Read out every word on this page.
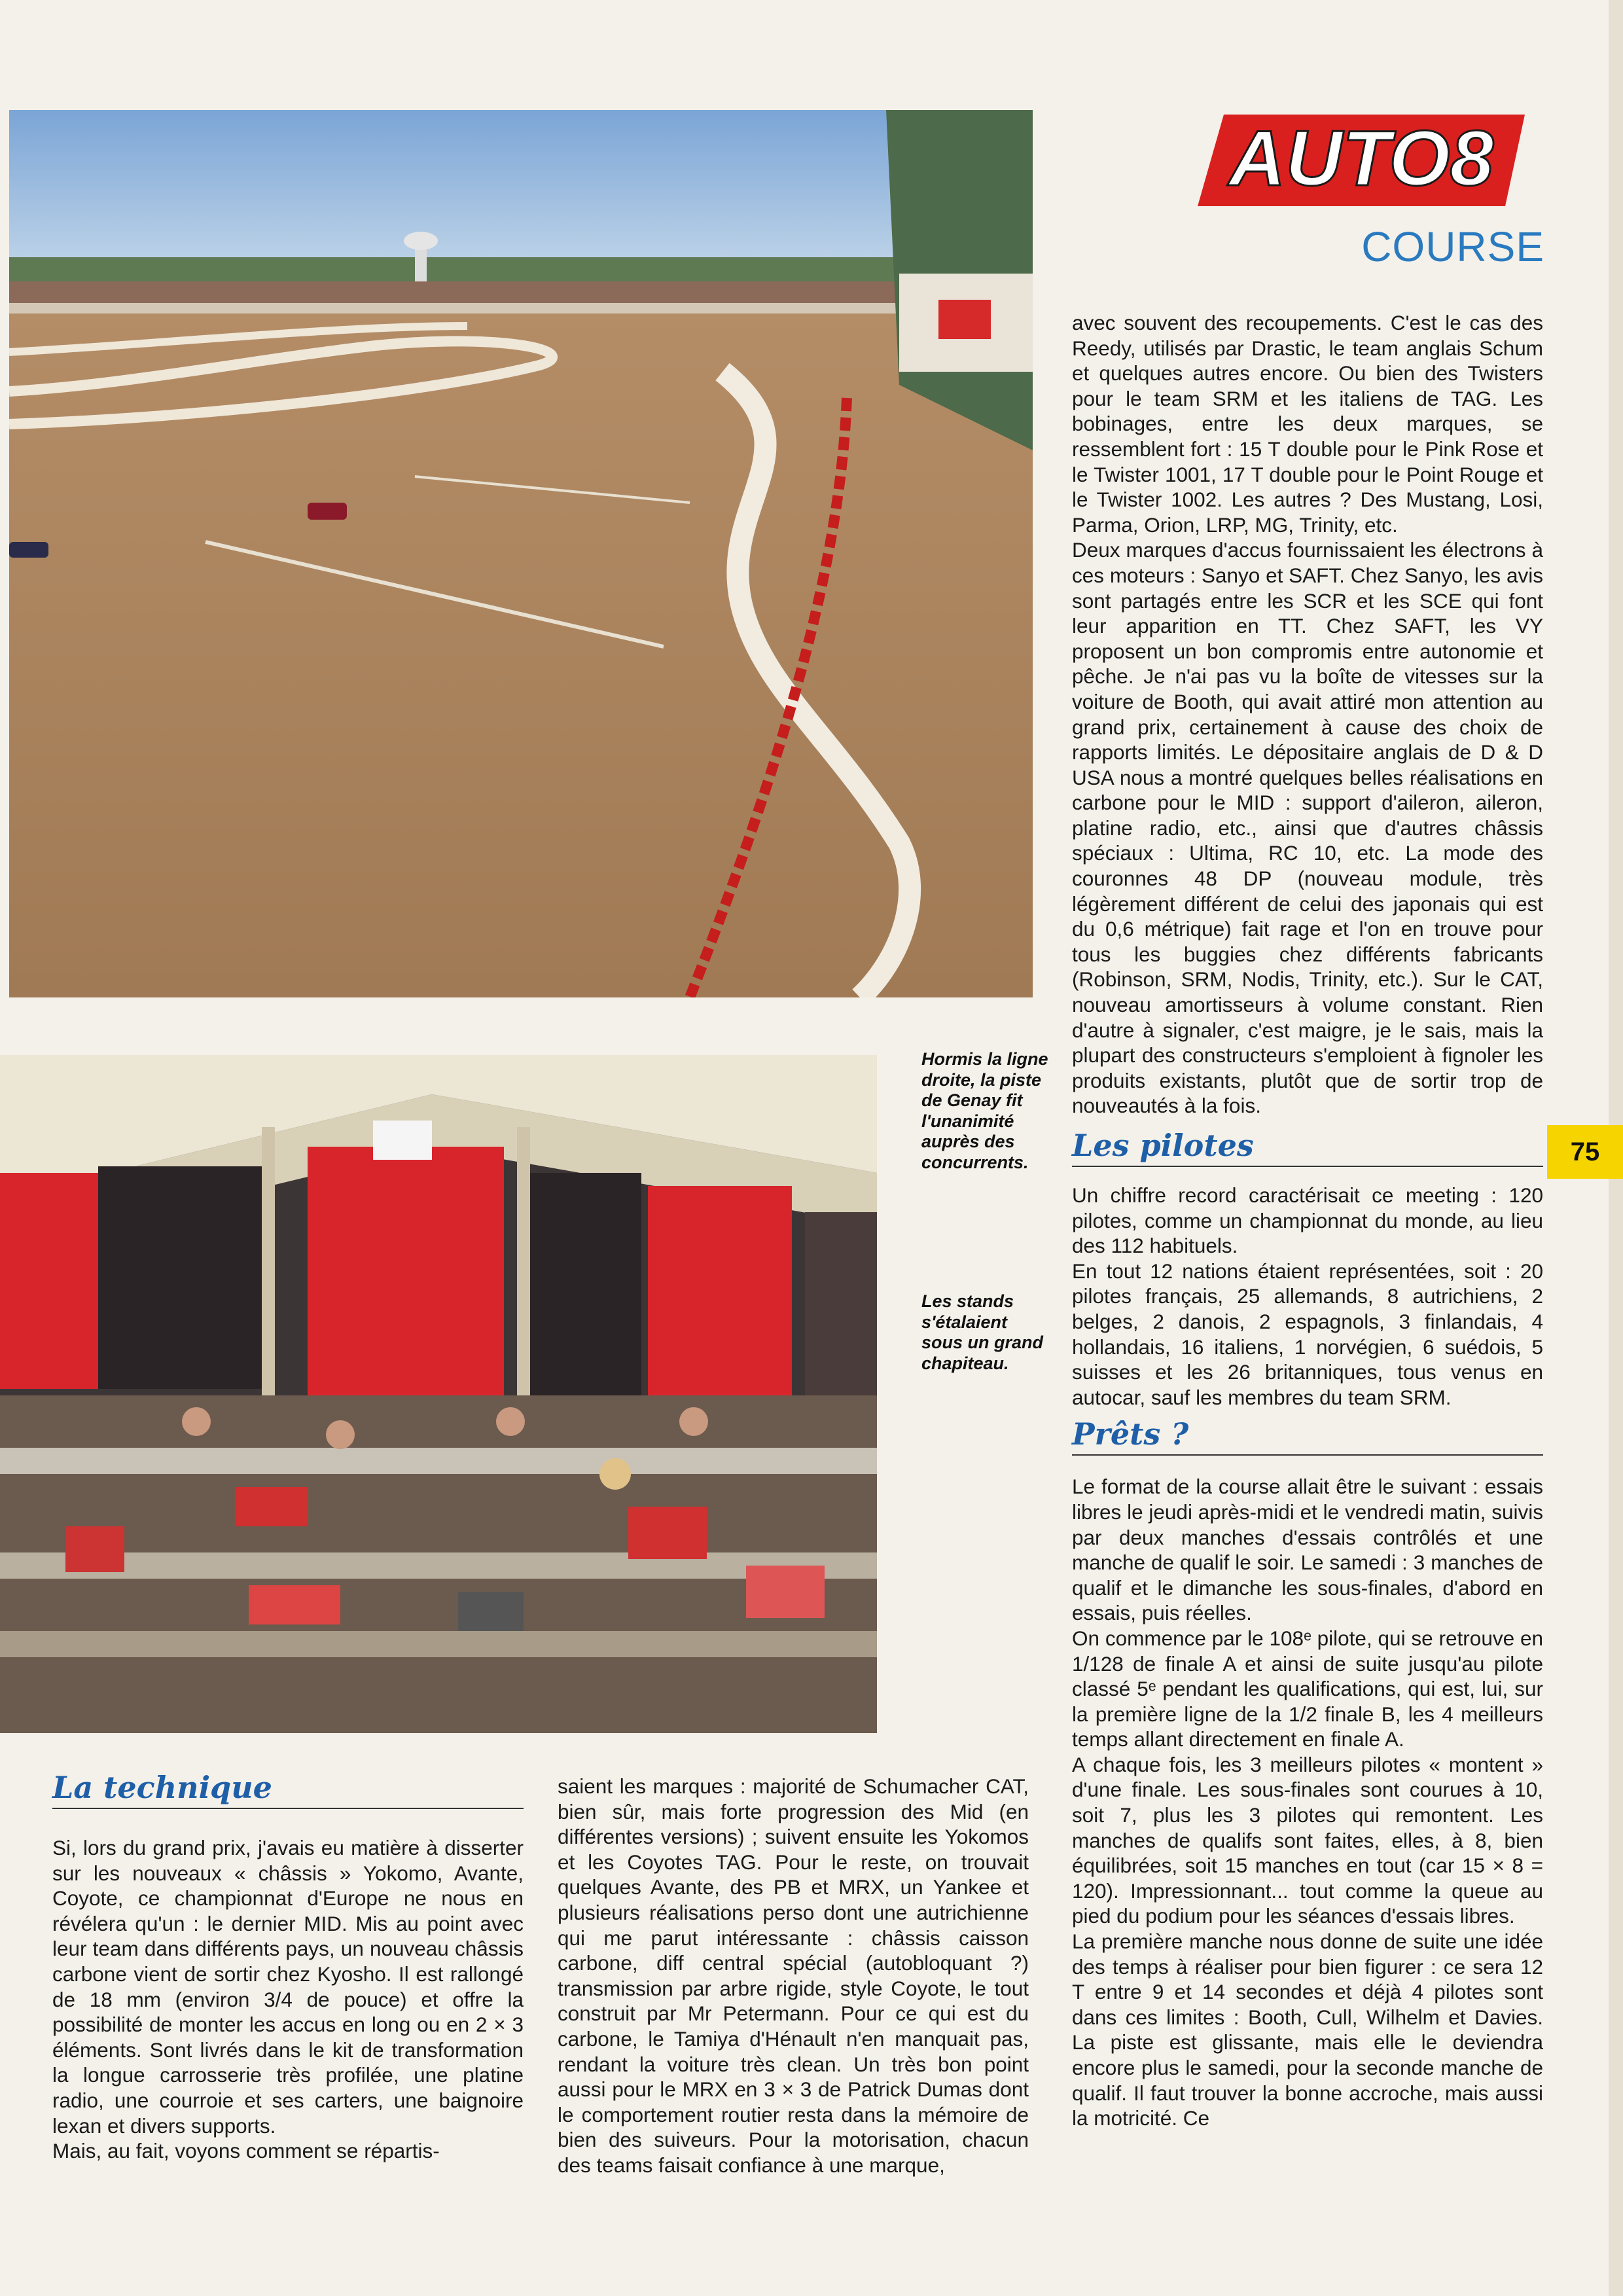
AUTO8
COURSE
Hormis la ligne droite, la piste de Genay fit l'unanimité auprès des concurrents.
Les stands s'étalaient sous un grand chapiteau.
75

avec souvent des recoupements. C'est le cas des Reedy, utilisés par Drastic, le team anglais Schum et quelques autres encore. Ou bien des Twisters pour le team SRM et les italiens de TAG. Les bobinages, entre les deux marques, se ressemblent fort : 15 T double pour le Pink Rose et le Twister 1001, 17 T double pour le Point Rouge et le Twister 1002. Les autres ? Des Mustang, Losi, Parma, Orion, LRP, MG, Trinity, etc.

Deux marques d'accus fournissaient les électrons à ces moteurs : Sanyo et SAFT. Chez Sanyo, les avis sont partagés entre les SCR et les SCE qui font leur apparition en TT. Chez SAFT, les VY proposent un bon compromis entre autonomie et pêche. Je n'ai pas vu la boîte de vitesses sur la voiture de Booth, qui avait attiré mon attention au grand prix, certainement à cause des choix de rapports limités. Le dépositaire anglais de D & D USA nous a montré quelques belles réalisations en carbone pour le MID : support d'aileron, aileron, platine radio, etc., ainsi que d'autres châssis spéciaux : Ultima, RC 10, etc. La mode des couronnes 48 DP (nouveau module, très légèrement différent de celui des japonais qui est du 0,6 métrique) fait rage et l'on en trouve pour tous les buggies chez différents fabricants (Robinson, SRM, Nodis, Trinity, etc.). Sur le CAT, nouveau amortisseurs à volume constant. Rien d'autre à signaler, c'est maigre, je le sais, mais la plupart des constructeurs s'emploient à fignoler les produits existants, plutôt que de sortir trop de nouveautés à la fois.

Les pilotes

Un chiffre record caractérisait ce meeting : 120 pilotes, comme un championnat du monde, au lieu des 112 habituels.

En tout 12 nations étaient représentées, soit : 20 pilotes français, 25 allemands, 8 autrichiens, 2 belges, 2 danois, 2 espagnols, 3 finlandais, 4 hollandais, 16 italiens, 1 norvégien, 6 suédois, 5 suisses et les 26 britanniques, tous venus en autocar, sauf les membres du team SRM.

Prêts ?

Le format de la course allait être le suivant : essais libres le jeudi après-midi et le vendredi matin, suivis par deux manches d'essais contrôlés et une manche de qualif le soir. Le samedi : 3 manches de qualif et le dimanche les sous-finales, d'abord en essais, puis réelles.

On commence par le 108ᵉ pilote, qui se retrouve en 1/128 de finale A et ainsi de suite jusqu'au pilote classé 5ᵉ pendant les qualifications, qui est, lui, sur la première ligne de la 1/2 finale B, les 4 meilleurs temps allant directement en finale A.

A chaque fois, les 3 meilleurs pilotes « montent » d'une finale. Les sous-finales sont courues à 10, soit 7, plus les 3 pilotes qui remontent. Les manches de qualifs sont faites, elles, à 8, bien équilibrées, soit 15 manches en tout (car 15 × 8 = 120). Impressionnant... tout comme la queue au pied du podium pour les séances d'essais libres.

La première manche nous donne de suite une idée des temps à réaliser pour bien figurer : ce sera 12 T entre 9 et 14 secondes et déjà 4 pilotes sont dans ces limites : Booth, Cull, Wilhelm et Davies. La piste est glissante, mais elle le deviendra encore plus le samedi, pour la seconde manche de qualif. Il faut trouver la bonne accroche, mais aussi la motricité. Ce

La technique

Si, lors du grand prix, j'avais eu matière à disserter sur les nouveaux « châssis » Yokomo, Avante, Coyote, ce championnat d'Europe ne nous en révélera qu'un : le dernier MID. Mis au point avec leur team dans différents pays, un nouveau châssis carbone vient de sortir chez Kyosho. Il est rallongé de 18 mm (environ 3/4 de pouce) et offre la possibilité de monter les accus en long ou en 2 × 3 éléments. Sont livrés dans le kit de transformation la longue carrosserie très profilée, une platine radio, une courroie et ses carters, une baignoire lexan et divers supports.

Mais, au fait, voyons comment se répartis-

saient les marques : majorité de Schumacher CAT, bien sûr, mais forte progression des Mid (en différentes versions) ; suivent ensuite les Yokomos et les Coyotes TAG. Pour le reste, on trouvait quelques Avante, des PB et MRX, un Yankee et plusieurs réalisations perso dont une autrichienne qui me parut intéressante : châssis caisson carbone, diff central spécial (autobloquant ?) transmission par arbre rigide, style Coyote, le tout construit par Mr Petermann. Pour ce qui est du carbone, le Tamiya d'Hénault n'en manquait pas, rendant la voiture très clean. Un très bon point aussi pour le MRX en 3 × 3 de Patrick Dumas dont le comportement routier resta dans la mémoire de bien des suiveurs. Pour la motorisation, chacun des teams faisait confiance à une marque,
